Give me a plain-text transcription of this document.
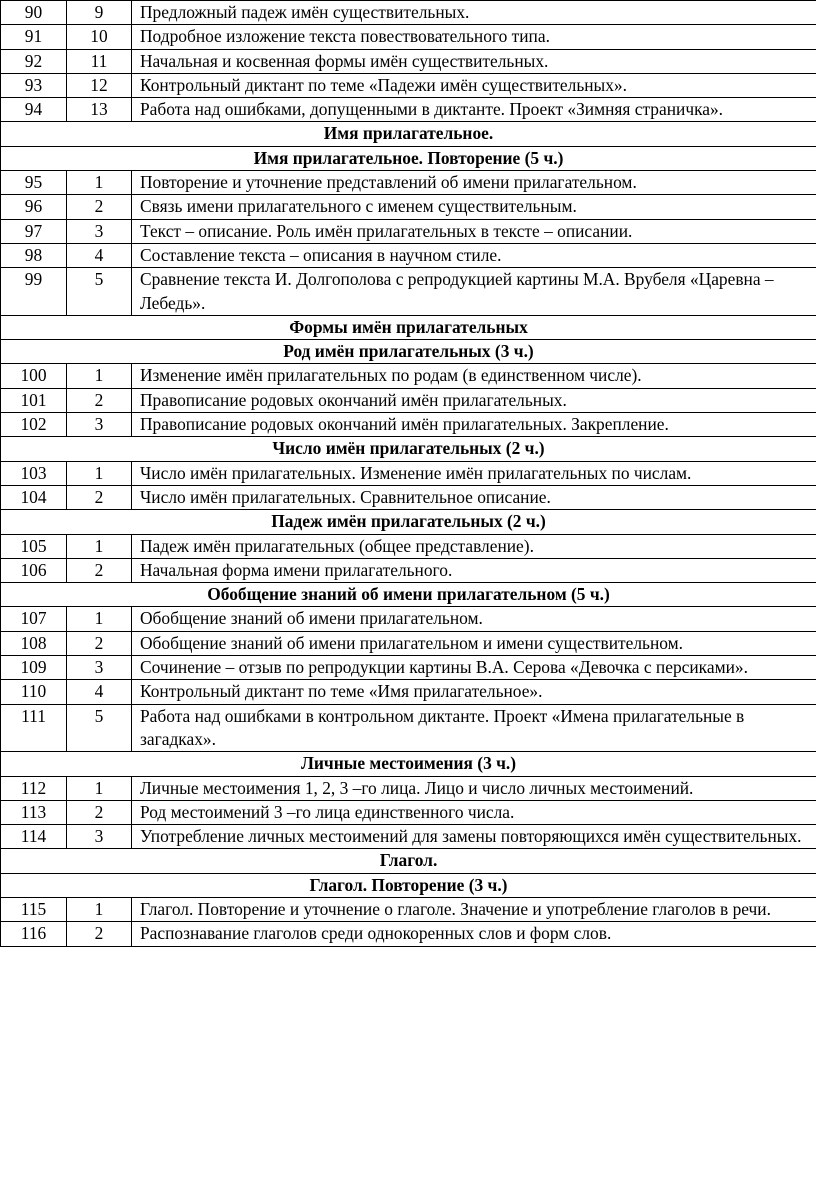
90	9	Предложный падеж имён существительных.
91	10	Подробное изложение текста повествовательного типа.
92	11	Начальная и косвенная формы имён существительных.
93	12	Контрольный диктант по теме «Падежи имён существительных».
94	13	Работа над ошибками, допущенными в диктанте. Проект «Зимняя страничка».
Имя прилагательное.		
Имя прилагательное. Повторение (5 ч.)		
95	1	Повторение и уточнение представлений об имени прилагательном.
96	2	Связь имени прилагательного с именем существительным.
97	3	Текст – описание. Роль имён прилагательных в тексте – описании.
98	4	Составление текста – описания в научном стиле.
99	5	Сравнение текста И. Долгополова с репродукцией картины М.А. Врубеля «Царевна – Лебедь».
Формы имён прилагательных		
Род имён прилагательных (3 ч.)		
100	1	Изменение имён прилагательных по родам (в единственном числе).
101	2	Правописание родовых окончаний имён прилагательных.
102	3	Правописание родовых окончаний имён прилагательных. Закрепление.
Число имён прилагательных (2 ч.)		
103	1	Число имён прилагательных. Изменение имён прилагательных по числам.
104	2	Число имён прилагательных. Сравнительное описание.
Падеж имён прилагательных (2 ч.)		
105	1	Падеж имён прилагательных (общее представление).
106	2	Начальная форма имени прилагательного.
Обобщение знаний об имени прилагательном (5 ч.)		
107	1	Обобщение знаний об имени прилагательном.
108	2	Обобщение знаний об имени прилагательном и имени существительном.
109	3	Сочинение – отзыв по репродукции картины В.А. Серова «Девочка с персиками».
110	4	Контрольный диктант по теме «Имя прилагательное».
111	5	Работа над ошибками в контрольном диктанте. Проект «Имена прилагательные в загадках».
Личные местоимения (3 ч.)		
112	1	Личные местоимения 1, 2, 3 –го лица. Лицо и число личных местоимений.
113	2	Род местоимений 3 –го лица единственного числа.
114	3	Употребление личных местоимений для замены повторяющихся имён существительных.
Глагол.		
Глагол. Повторение (3 ч.)		
115	1	Глагол. Повторение и уточнение о глаголе. Значение и употребление глаголов в речи.
116	2	Распознавание глаголов среди однокоренных слов и форм слов.
